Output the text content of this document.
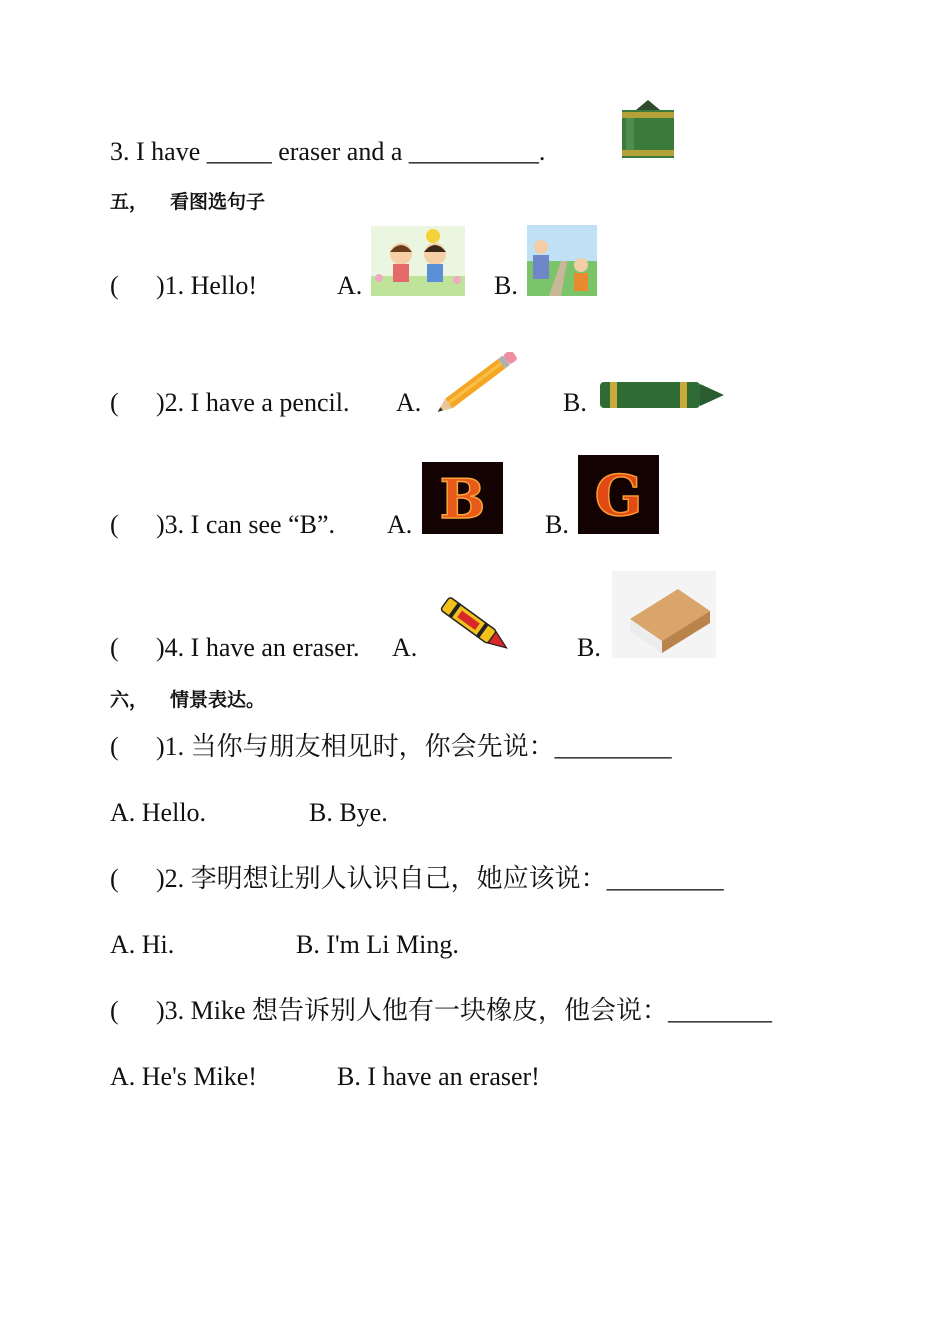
3. I have _____ eraser and a __________.
五， 看图选句子
( )1. Hello!	A.	B.
( )2. I have a pencil. A.	B.
( )3. I can see “B”. A. B B. G
( )4. I have an eraser. A.	B.
六， 情景表达。
( )1. 当你与朋友相见时，你会先说：_________
A. Hello.	B. Bye.
( )2. 李明想让别人认识自己，她应该说：_________
A. Hi.	B. I'm Li Ming.
( )3. Mike 想告诉别人他有一块橡皮，他会说：________
A. He's Mike!	B. I have an eraser!
